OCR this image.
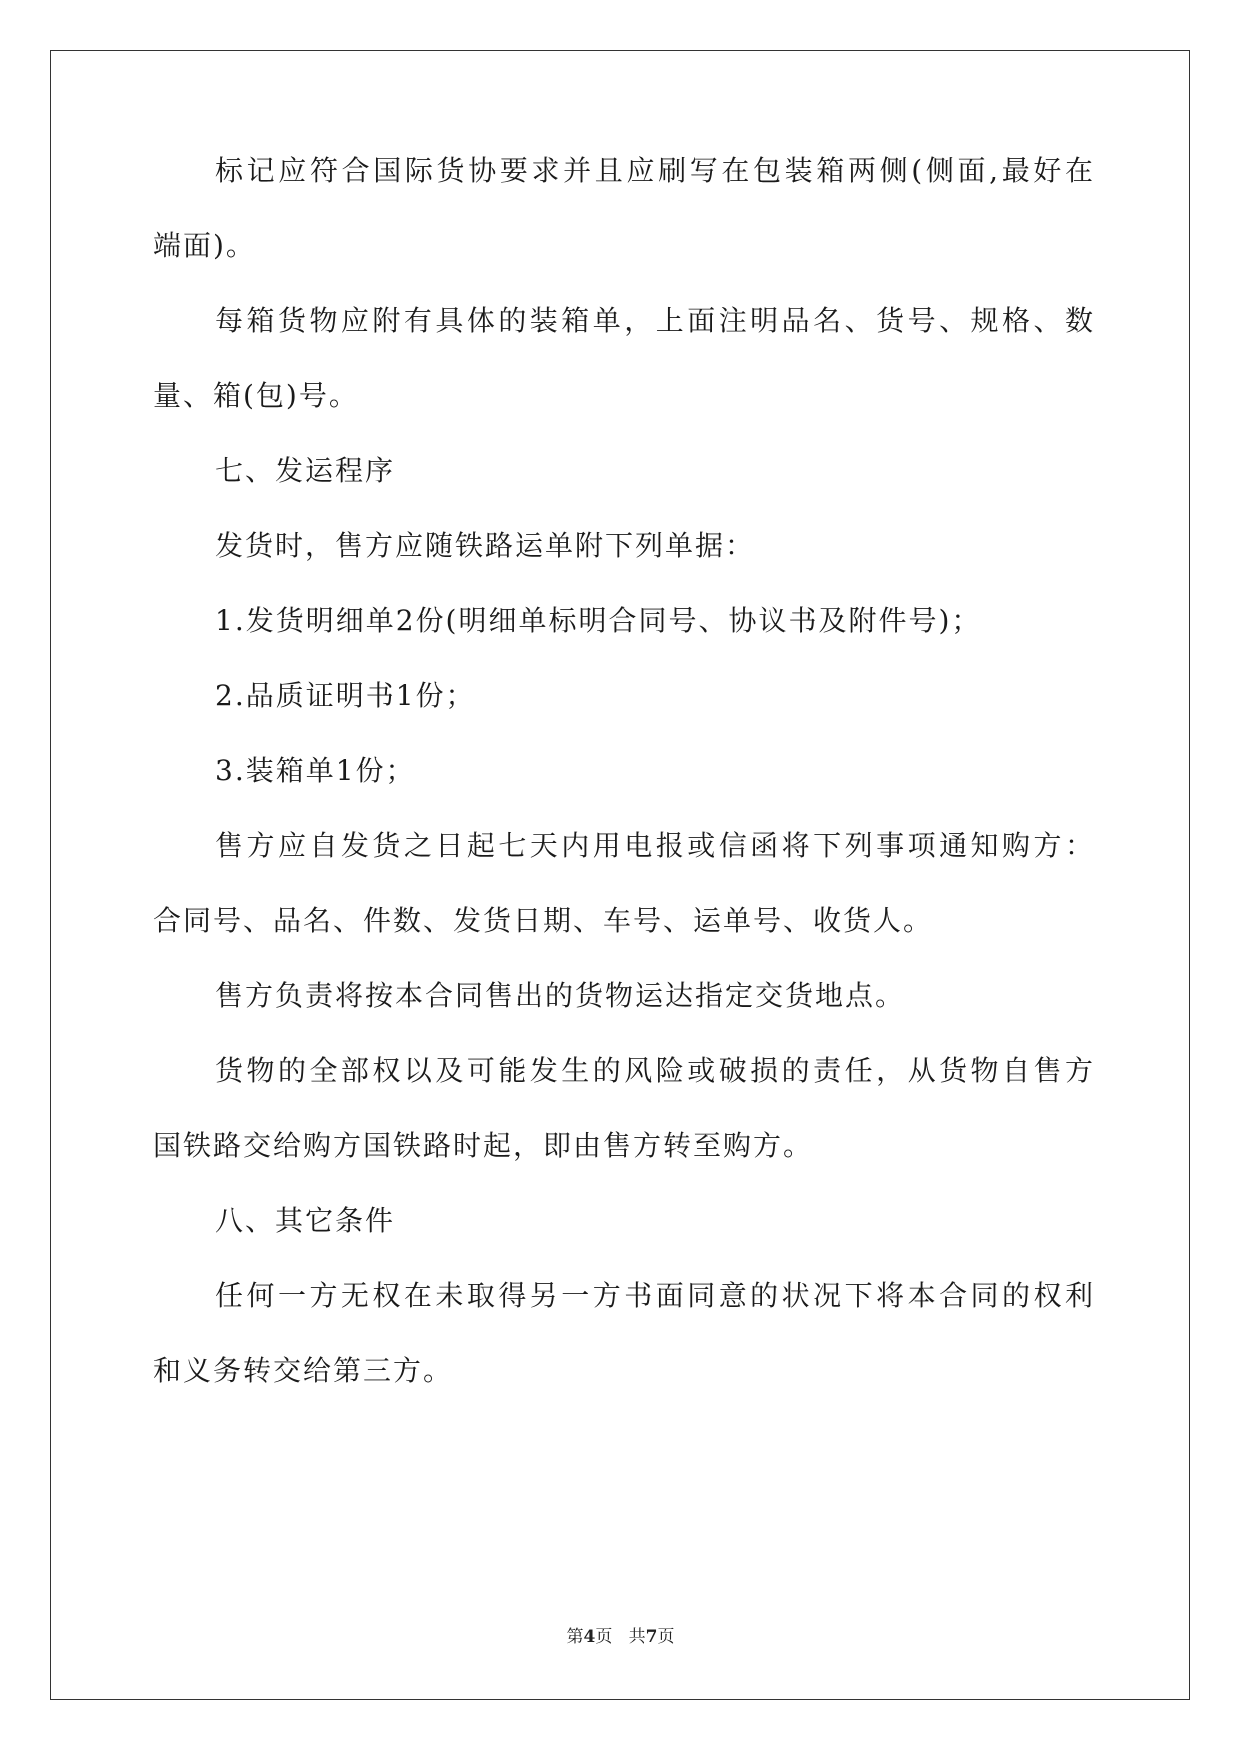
标记应符合国际货协要求并且应刷写在包装箱两侧(侧面,最好在
端面)。
每箱货物应附有具体的装箱单，上面注明品名、货号、规格、数
量、箱(包)号。
七、发运程序
发货时，售方应随铁路运单附下列单据：
1.发货明细单2份(明细单标明合同号、协议书及附件号)；
2.品质证明书1份；
3.装箱单1份；
售方应自发货之日起七天内用电报或信函将下列事项通知购方：
合同号、品名、件数、发货日期、车号、运单号、收货人。
售方负责将按本合同售出的货物运达指定交货地点。
货物的全部权以及可能发生的风险或破损的责任，从货物自售方
国铁路交给购方国铁路时起，即由售方转至购方。
八、其它条件
任何一方无权在未取得另一方书面同意的状况下将本合同的权利
和义务转交给第三方。
第4页 共7页
